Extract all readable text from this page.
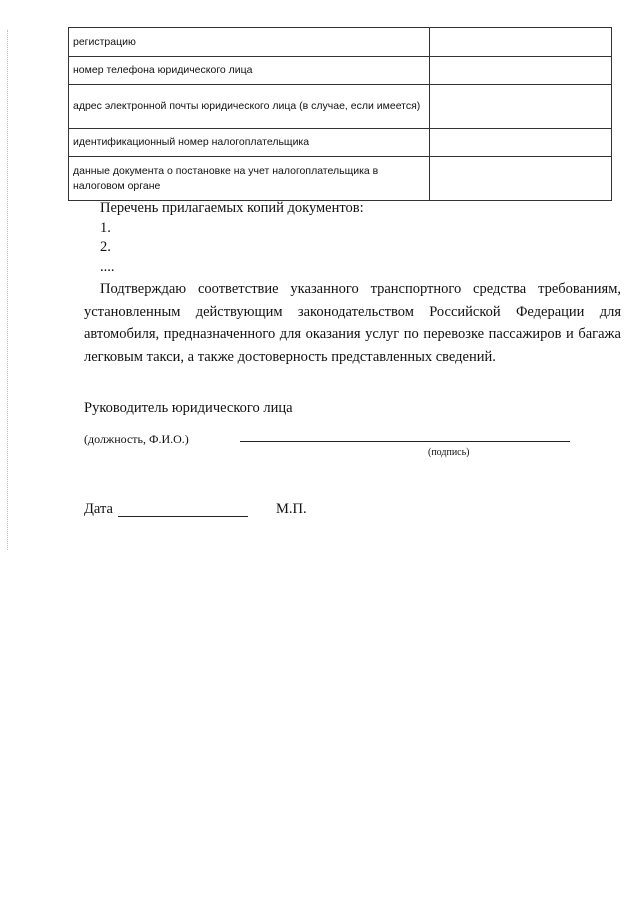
регистрацию	
номер телефона юридического лица	
адрес электронной почты юридического лица (в случае, если имеется)	
идентификационный номер налогоплательщика	
данные документа о постановке на учет налогоплательщика в налоговом органе	
Перечень прилагаемых копий документов:
1.
2.
....
Подтверждаю соответствие указанного транспортного средства требованиям, установленным действующим законодательством Российской Федерации для автомобиля, предназначенного для оказания услуг по перевозке пассажиров и багажа легковым такси, а также достоверность представленных сведений.
Руководитель юридического лица
(должность, Ф.И.О.)
(подпись)
Дата	М.П.
